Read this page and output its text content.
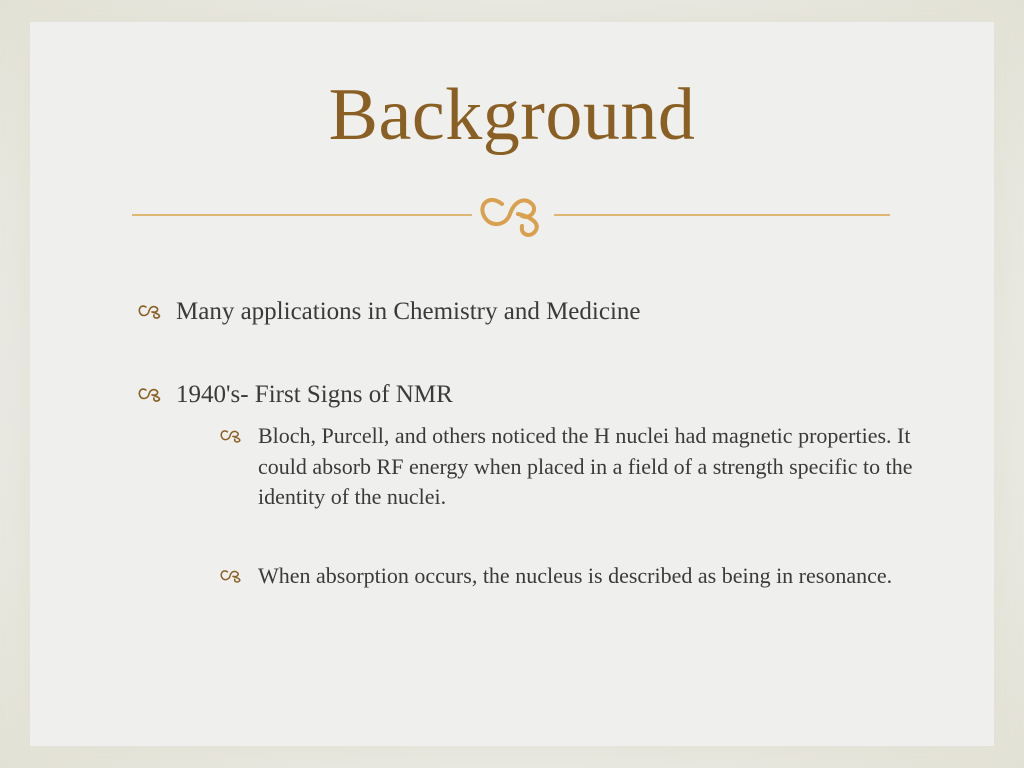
Background
Many applications in Chemistry and Medicine
1940's- First Signs of NMR
Bloch, Purcell, and others noticed the H nuclei had magnetic properties. It could absorb RF energy when placed in a field of a strength specific to the identity of the nuclei.
When absorption occurs, the nucleus is described as being in resonance.
